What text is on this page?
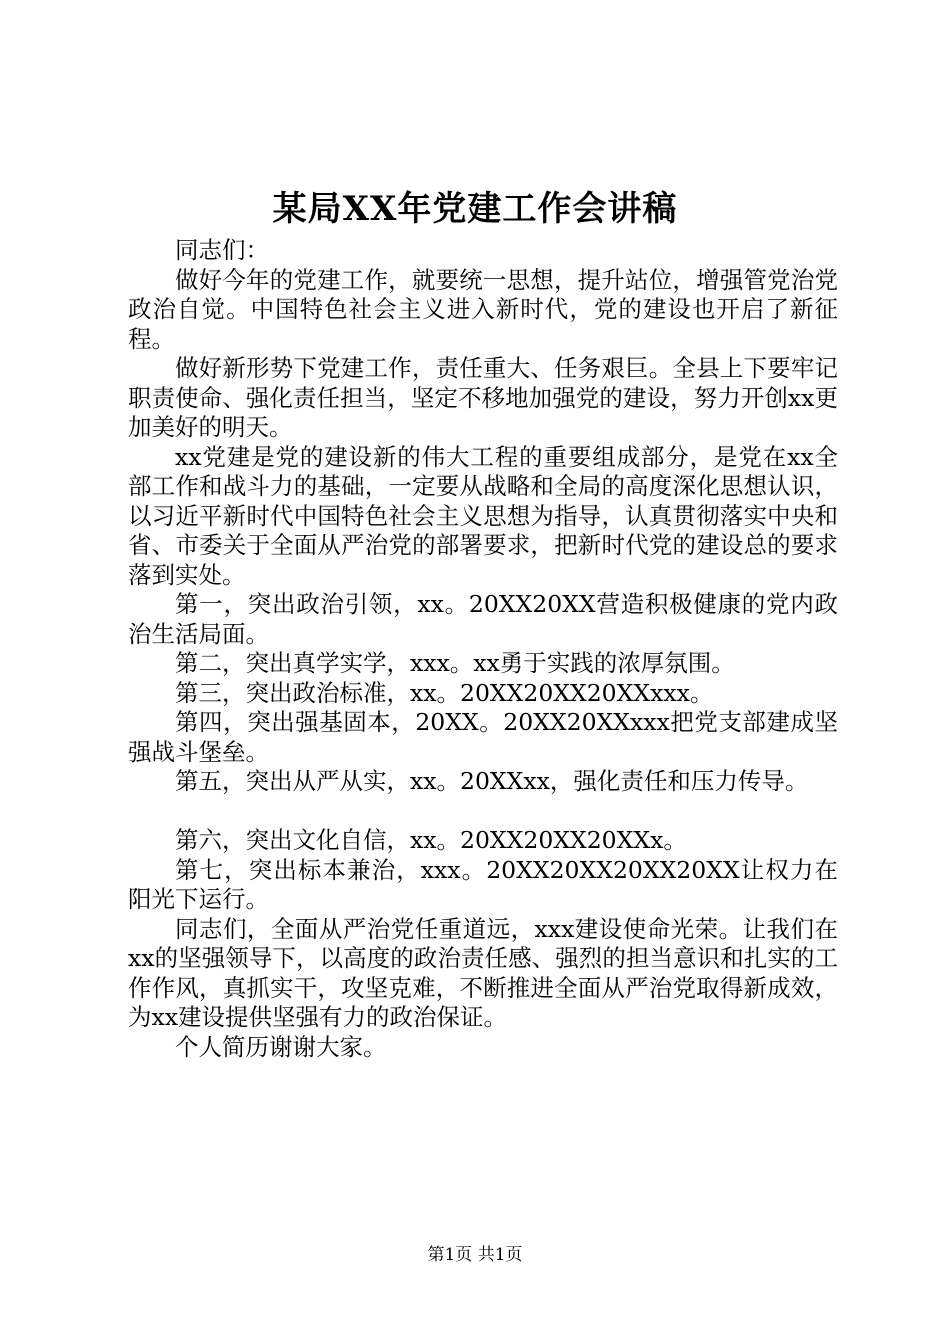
某局XX年党建工作会讲稿

同志们：

做好今年的党建工作，就要统一思想，提升站位，增强管党治党政治自觉。中国特色社会主义进入新时代，党的建设也开启了新征程。

做好新形势下党建工作，责任重大、任务艰巨。全县上下要牢记职责使命、强化责任担当，坚定不移地加强党的建设，努力开创xx更加美好的明天。

xx党建是党的建设新的伟大工程的重要组成部分，是党在xx全部工作和战斗力的基础，一定要从战略和全局的高度深化思想认识，以习近平新时代中国特色社会主义思想为指导，认真贯彻落实中央和省、市委关于全面从严治党的部署要求，把新时代党的建设总的要求落到实处。

第一，突出政治引领，xx。20XX20XX营造积极健康的党内政治生活局面。

第二，突出真学实学，xxx。xx勇于实践的浓厚氛围。

第三，突出政治标准，xx。20XX20XX20XXxxx。

第四，突出强基固本，20XX。20XX20XXxxx把党支部建成坚强战斗堡垒。

第五，突出从严从实，xx。20XXxx，强化责任和压力传导。

第六，突出文化自信，xx。20XX20XX20XXx。

第七，突出标本兼治，xxx。20XX20XX20XX20XX让权力在阳光下运行。

同志们，全面从严治党任重道远，xxx建设使命光荣。让我们在xx的坚强领导下，以高度的政治责任感、强烈的担当意识和扎实的工作作风，真抓实干，攻坚克难，不断推进全面从严治党取得新成效，为xx建设提供坚强有力的政治保证。

个人简历谢谢大家。

第1页 共1页
